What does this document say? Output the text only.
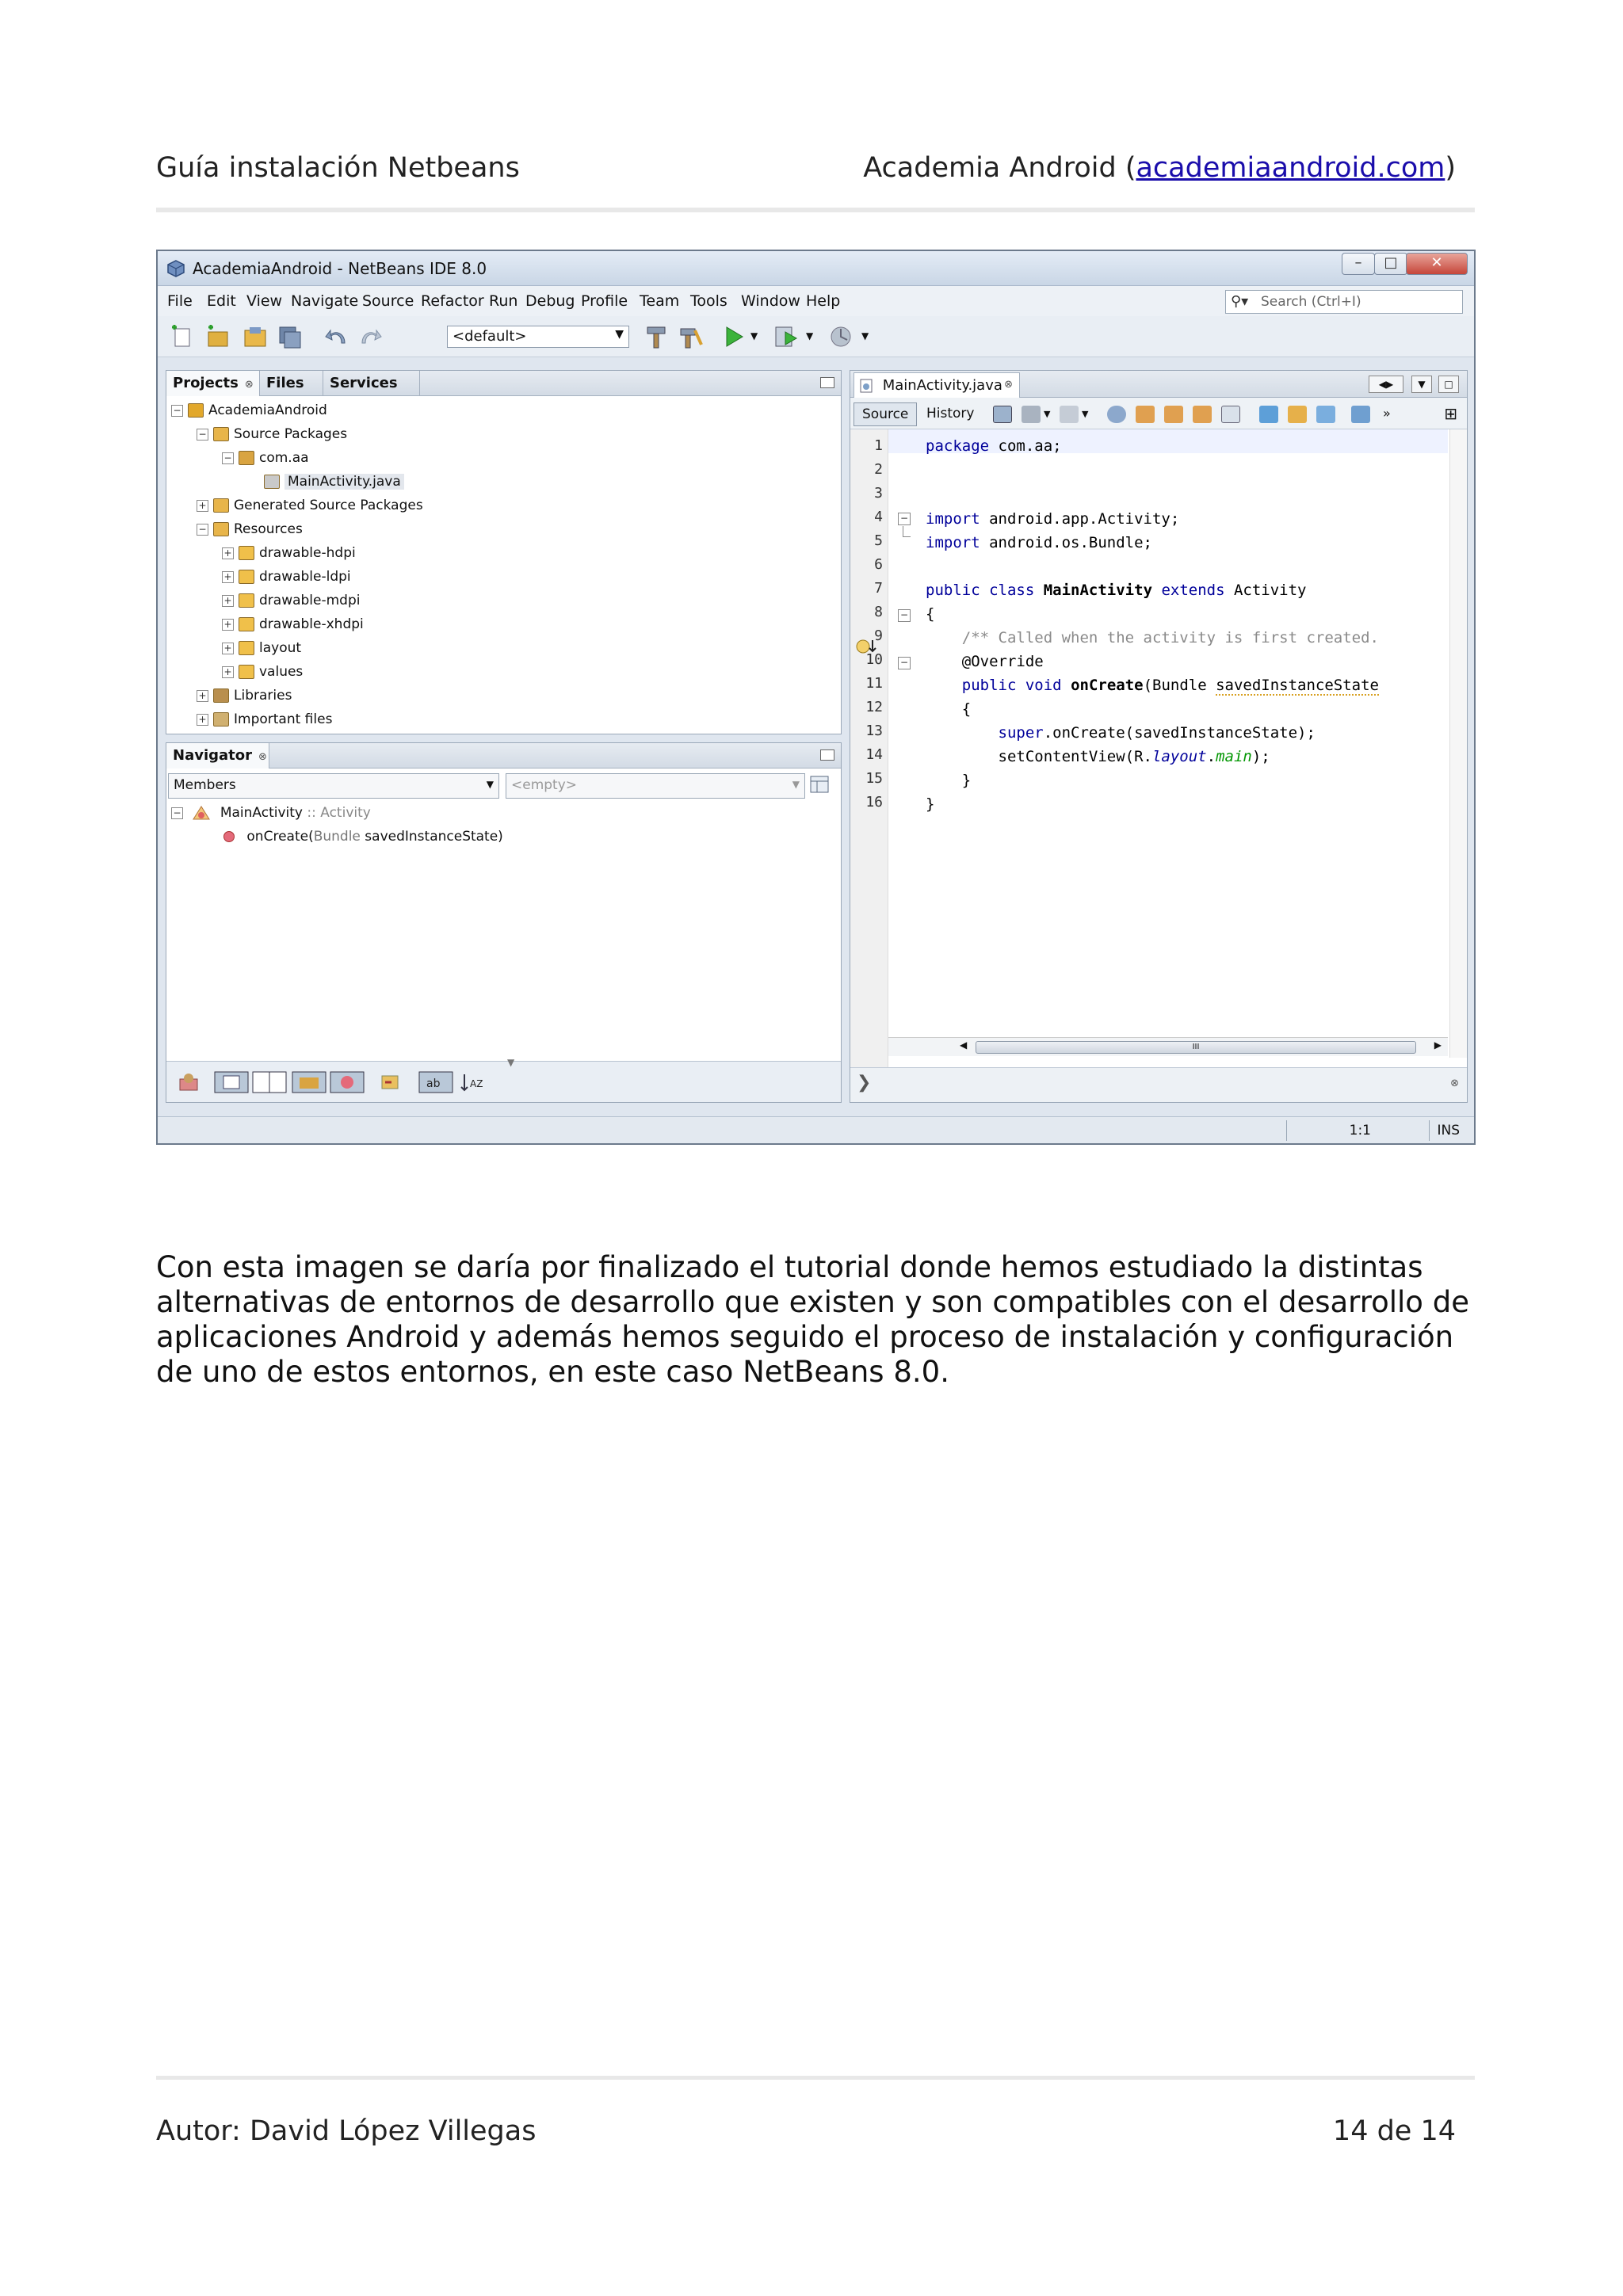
Guía instalación Netbeans	Academia Android (academiaandroid.com)
AcademiaAndroid - NetBeans IDE 8.0	–	□	✕
File Edit View Navigate Source Refactor Run Debug Profile Team Tools Window Help	⚲▾ Search (Ctrl+I)
<default>	▼	▼	▼	▼
Projects ⊗ Files	Services
− AcademiaAndroid
− Source Packages
− com.aa
MainActivity.java
+ Generated Source Packages
− Resources
+ drawable-hdpi
+ drawable-ldpi
+ drawable-mdpi
+ drawable-xhdpi
+ layout
+ values
+ Libraries
+ Important files
Navigator ⊗
Members	▼	<empty>	▼
−	MainActivity :: Activity
onCreate(Bundle savedInstanceState)
▼
ab	AZ
MainActivity.java ⊗	◀▶	▼	□
Source	History	▼	▼	»	⊞
1
2
3
4
5
6
7
8
9
10
11
12
13
14
15
16
−
−
−
package com.aa;
import android.app.Activity;
import android.os.Bundle;
public class MainActivity extends Activity
{
/** Called when the activity is first created.
@Override
public void onCreate(Bundle savedInstanceState
{
super.onCreate(savedInstanceState);
setContentView(R.layout.main);
}
}
◀	III	▶
❯	⊗
1:1	INS

Con esta imagen se daría por finalizado el tutorial donde hemos estudiado la distintas alternativas de entornos de desarrollo que existen y son compatibles con el desarrollo de aplicaciones Android y además hemos seguido el proceso de instalación y configuración de uno de estos entornos, en este caso NetBeans 8.0.

Autor: David López Villegas	14 de 14
